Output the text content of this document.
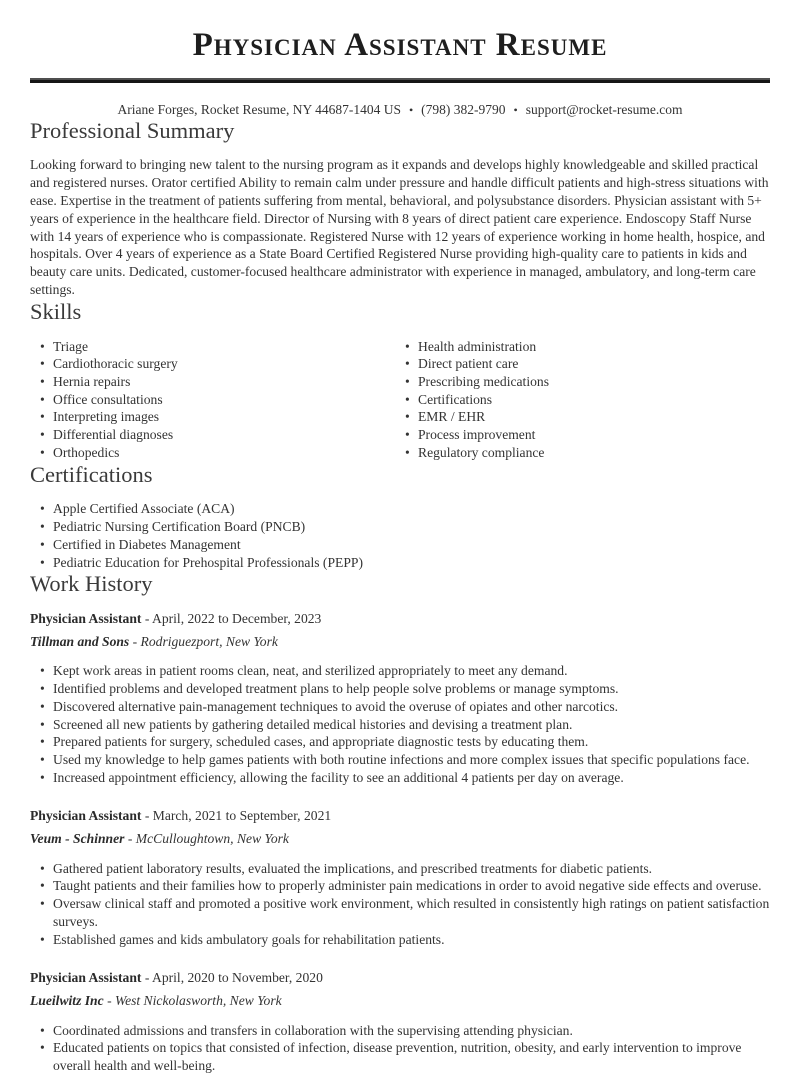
Physician Assistant Resume
Ariane Forges, Rocket Resume, NY 44687-1404 US • (798) 382-9790 • support@rocket-resume.com
Professional Summary

Looking forward to bringing new talent to the nursing program as it expands and develops highly knowledgeable and skilled practical and registered nurses. Orator certified Ability to remain calm under pressure and handle difficult patients and high-stress situations with ease. Expertise in the treatment of patients suffering from mental, behavioral, and polysubstance disorders. Physician assistant with 5+ years of experience in the healthcare field. Director of Nursing with 8 years of direct patient care experience. Endoscopy Staff Nurse with 14 years of experience who is compassionate. Registered Nurse with 12 years of experience working in home health, hospice, and hospitals. Over 4 years of experience as a State Board Certified Registered Nurse providing high-quality care to patients in kids and beauty care units. Dedicated, customer-focused healthcare administrator with experience in managed, ambulatory, and long-term care settings.

Skills
• Triage
• Cardiothoracic surgery
• Hernia repairs
• Office consultations
• Interpreting images
• Differential diagnoses
• Orthopedics
• Health administration
• Direct patient care
• Prescribing medications
• Certifications
• EMR / EHR
• Process improvement
• Regulatory compliance
Certifications
• Apple Certified Associate (ACA)
• Pediatric Nursing Certification Board (PNCB)
• Certified in Diabetes Management
• Pediatric Education for Prehospital Professionals (PEPP)
Work History

Physician Assistant - April, 2022 to December, 2023

Tillman and Sons - Rodriguezport, New York

• Kept work areas in patient rooms clean, neat, and sterilized appropriately to meet any demand.
• Identified problems and developed treatment plans to help people solve problems or manage symptoms.
• Discovered alternative pain-management techniques to avoid the overuse of opiates and other narcotics.
• Screened all new patients by gathering detailed medical histories and devising a treatment plan.
• Prepared patients for surgery, scheduled cases, and appropriate diagnostic tests by educating them.
• Used my knowledge to help games patients with both routine infections and more complex issues that specific populations face.
• Increased appointment efficiency, allowing the facility to see an additional 4 patients per day on average.

Physician Assistant - March, 2021 to September, 2021

Veum - Schinner - McCulloughtown, New York

• Gathered patient laboratory results, evaluated the implications, and prescribed treatments for diabetic patients.
• Taught patients and their families how to properly administer pain medications in order to avoid negative side effects and overuse.
• Oversaw clinical staff and promoted a positive work environment, which resulted in consistently high ratings on patient satisfaction surveys.
• Established games and kids ambulatory goals for rehabilitation patients.

Physician Assistant - April, 2020 to November, 2020

Lueilwitz Inc - West Nickolasworth, New York

• Coordinated admissions and transfers in collaboration with the supervising attending physician.
• Educated patients on topics that consisted of infection, disease prevention, nutrition, obesity, and early intervention to improve overall health and well-being.
